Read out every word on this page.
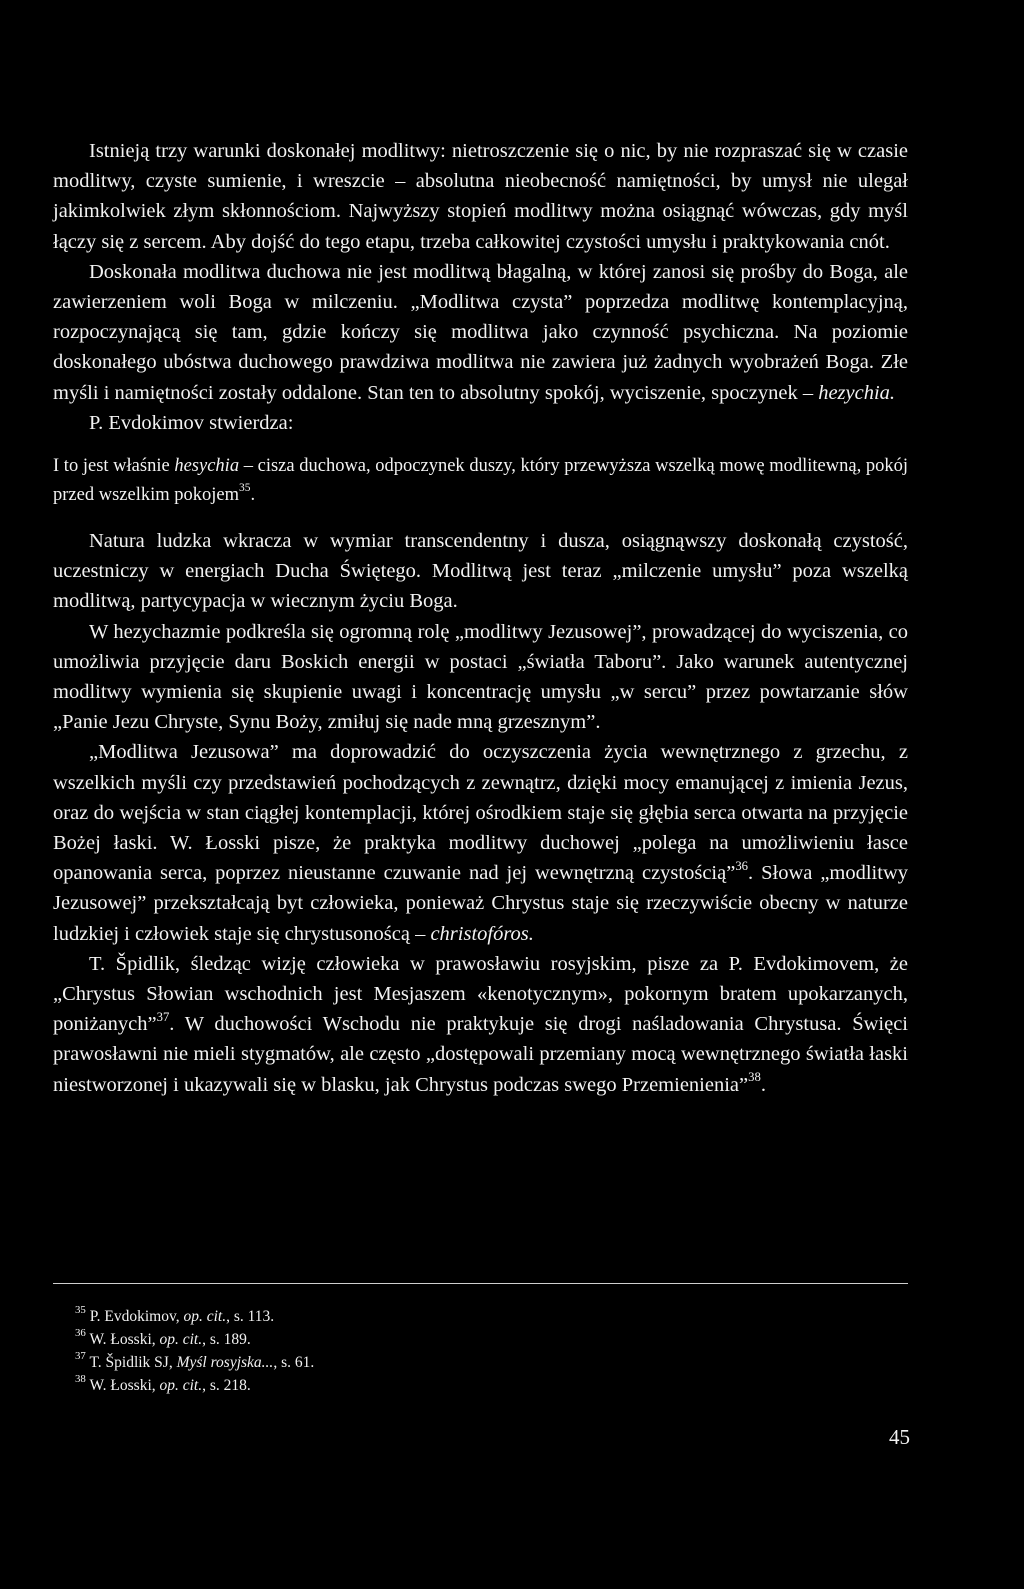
Istnieją trzy warunki doskonałej modlitwy: nietroszczenie się o nic, by nie rozpraszać się w czasie modlitwy, czyste sumienie, i wreszcie – absolutna nieobecność namiętności, by umysł nie ulegał jakimkolwiek złym skłonnościom. Najwyższy stopień modlitwy można osiągnąć wówczas, gdy myśl łączy się z sercem. Aby dojść do tego etapu, trzeba całkowitej czystości umysłu i praktykowania cnót.

Doskonała modlitwa duchowa nie jest modlitwą błagalną, w której zanosi się prośby do Boga, ale zawierzeniem woli Boga w milczeniu. „Modlitwa czysta” poprzedza modlitwę kontemplacyjną, rozpoczynającą się tam, gdzie kończy się modlitwa jako czynność psychiczna. Na poziomie doskonałego ubóstwa duchowego prawdziwa modlitwa nie zawiera już żadnych wyobrażeń Boga. Złe myśli i namiętności zostały oddalone. Stan ten to absolutny spokój, wyciszenie, spoczynek – hezychia.

P. Evdokimov stwierdza:

I to jest właśnie hesychia – cisza duchowa, odpoczynek duszy, który przewyższa wszelką mowę modlitewną, pokój przed wszelkim pokojem$^{35}$.

Natura ludzka wkracza w wymiar transcendentny i dusza, osiągnąwszy doskonałą czystość, uczestniczy w energiach Ducha Świętego. Modlitwą jest teraz „milczenie umysłu” poza wszelką modlitwą, partycypacja w wiecznym życiu Boga.

W hezychazmie podkreśla się ogromną rolę „modlitwy Jezusowej”, prowadzącej do wyciszenia, co umożliwia przyjęcie daru Boskich energii w postaci „światła Taboru”. Jako warunek autentycznej modlitwy wymienia się skupienie uwagi i koncentrację umysłu „w sercu” przez powtarzanie słów „Panie Jezu Chryste, Synu Boży, zmiłuj się nade mną grzesznym”.

„Modlitwa Jezusowa” ma doprowadzić do oczyszczenia życia wewnętrznego z grzechu, z wszelkich myśli czy przedstawień pochodzących z zewnątrz, dzięki mocy emanującej z imienia Jezus, oraz do wejścia w stan ciągłej kontemplacji, której ośrodkiem staje się głębia serca otwarta na przyjęcie Bożej łaski. W. Łosski pisze, że praktyka modlitwy duchowej „polega na umożliwieniu łasce opanowania serca, poprzez nieustanne czuwanie nad jej wewnętrzną czystością”$^{36}$. Słowa „modlitwy Jezusowej” przekształcają byt człowieka, ponieważ Chrystus staje się rzeczywiście obecny w naturze ludzkiej i człowiek staje się chrystusonoścą – christofóros.

T. Špidlik, śledząc wizję człowieka w prawosławiu rosyjskim, pisze za P. Evdokimovem, że „Chrystus Słowian wschodnich jest Mesjaszem «kenotycznym», pokornym bratem upokarzanych, poniżanych”$^{37}$. W duchowości Wschodu nie praktykuje się drogi naśladowania Chrystusa. Święci prawosławni nie mieli stygmatów, ale często „dostępowali przemiany mocą wewnętrznego światła łaski niestworzonej i ukazywali się w blasku, jak Chrystus podczas swego Przemienienia”$^{38}$.

$^{35}$ P. Evdokimov, op. cit., s. 113.

$^{36}$ W. Łosski, op. cit., s. 189.

$^{37}$ T. Špidlik SJ, Myśl rosyjska..., s. 61.

$^{38}$ W. Łosski, op. cit., s. 218.

45
